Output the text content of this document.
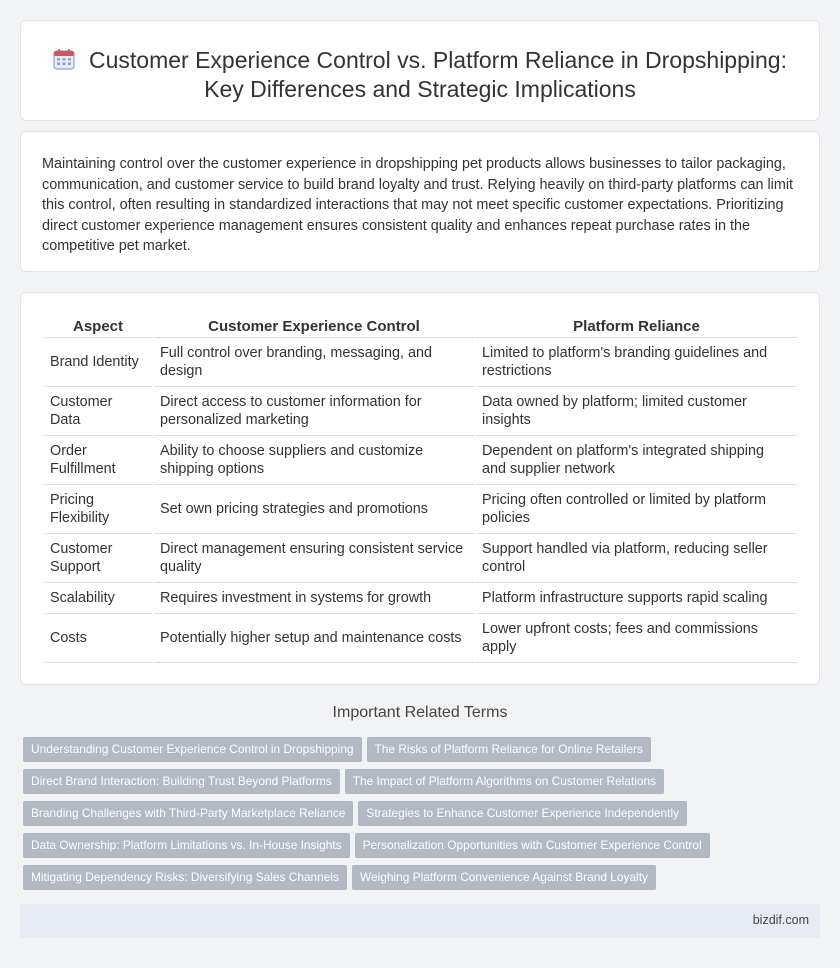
Customer Experience Control vs. Platform Reliance in Dropshipping: Key Differences and Strategic Implications

Maintaining control over the customer experience in dropshipping pet products allows businesses to tailor packaging, communication, and customer service to build brand loyalty and trust. Relying heavily on third-party platforms can limit this control, often resulting in standardized interactions that may not meet specific customer expectations. Prioritizing direct customer experience management ensures consistent quality and enhances repeat purchase rates in the competitive pet market.

Aspect	Customer Experience Control	Platform Reliance
Brand Identity	Full control over branding, messaging, and design	Limited to platform's branding guidelines and restrictions
Customer Data	Direct access to customer information for personalized marketing	Data owned by platform; limited customer insights
Order Fulfillment	Ability to choose suppliers and customize shipping options	Dependent on platform's integrated shipping and supplier network
Pricing Flexibility	Set own pricing strategies and promotions	Pricing often controlled or limited by platform policies
Customer Support	Direct management ensuring consistent service quality	Support handled via platform, reducing seller control
Scalability	Requires investment in systems for growth	Platform infrastructure supports rapid scaling
Costs	Potentially higher setup and maintenance costs	Lower upfront costs; fees and commissions apply
Important Related Terms
Understanding Customer Experience Control in Dropshipping The Risks of Platform Reliance for Online Retailers
Direct Brand Interaction: Building Trust Beyond Platforms The Impact of Platform Algorithms on Customer Relations
Branding Challenges with Third-Party Marketplace Reliance Strategies to Enhance Customer Experience Independently
Data Ownership: Platform Limitations vs. In-House Insights Personalization Opportunities with Customer Experience Control
Mitigating Dependency Risks: Diversifying Sales Channels Weighing Platform Convenience Against Brand Loyalty
bizdif.com
